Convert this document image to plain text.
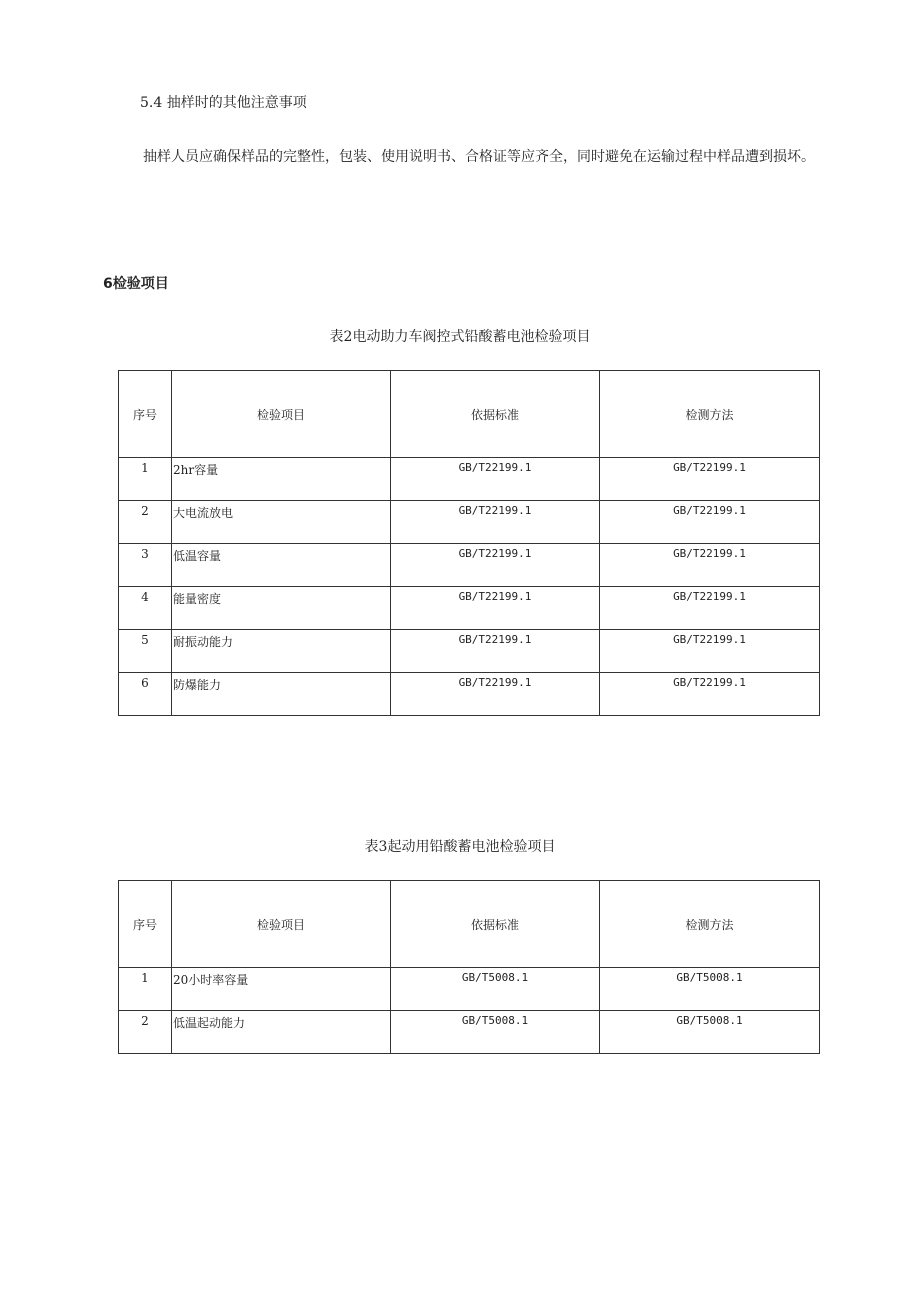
5.4 抽样时的其他注意事项
抽样人员应确保样品的完整性，包装、使用说明书、合格证等应齐全，同时避免在运输过程中样品遭到损坏。
6检验项目
表2电动助力车阀控式铅酸蓄电池检验项目
序号	检验项目	依据标准	检测方法
1	2hr容量	GB/T22199.1	GB/T22199.1
2	大电流放电	GB/T22199.1	GB/T22199.1
3	低温容量	GB/T22199.1	GB/T22199.1
4	能量密度	GB/T22199.1	GB/T22199.1
5	耐振动能力	GB/T22199.1	GB/T22199.1
6	防爆能力	GB/T22199.1	GB/T22199.1
表3起动用铅酸蓄电池检验项目
序号	检验项目	依据标准	检测方法
1	20小时率容量	GB/T5008.1	GB/T5008.1
2	低温起动能力	GB/T5008.1	GB/T5008.1
